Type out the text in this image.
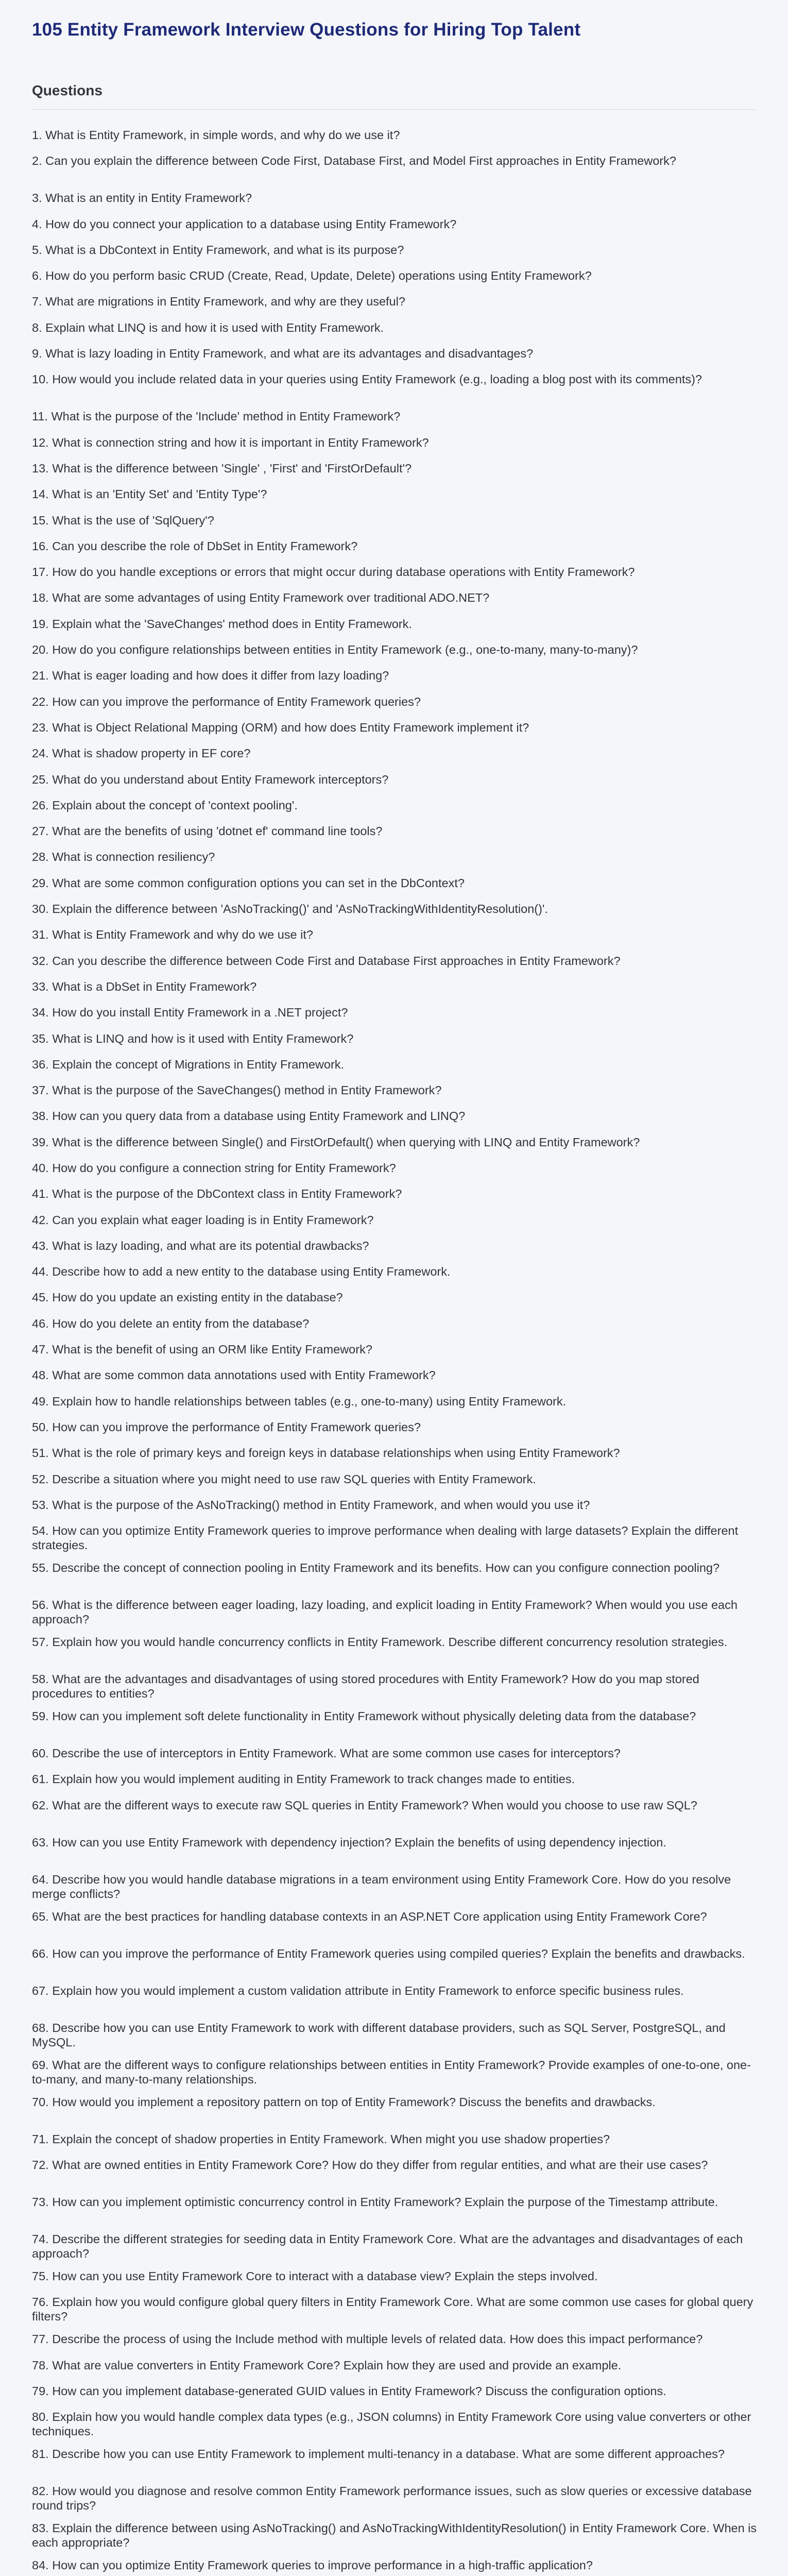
105 Entity Framework Interview Questions for Hiring Top Talent
Questions
1. What is Entity Framework, in simple words, and why do we use it?
2. Can you explain the difference between Code First, Database First, and Model First approaches in Entity Framework?
3. What is an entity in Entity Framework?
4. How do you connect your application to a database using Entity Framework?
5. What is a DbContext in Entity Framework, and what is its purpose?
6. How do you perform basic CRUD (Create, Read, Update, Delete) operations using Entity Framework?
7. What are migrations in Entity Framework, and why are they useful?
8. Explain what LINQ is and how it is used with Entity Framework.
9. What is lazy loading in Entity Framework, and what are its advantages and disadvantages?
10. How would you include related data in your queries using Entity Framework (e.g., loading a blog post with its comments)?
11. What is the purpose of the 'Include' method in Entity Framework?
12. What is connection string and how it is important in Entity Framework?
13. What is the difference between 'Single' , 'First' and 'FirstOrDefault'?
14. What is an 'Entity Set' and 'Entity Type'?
15. What is the use of 'SqlQuery'?
16. Can you describe the role of DbSet in Entity Framework?
17. How do you handle exceptions or errors that might occur during database operations with Entity Framework?
18. What are some advantages of using Entity Framework over traditional ADO.NET?
19. Explain what the 'SaveChanges' method does in Entity Framework.
20. How do you configure relationships between entities in Entity Framework (e.g., one-to-many, many-to-many)?
21. What is eager loading and how does it differ from lazy loading?
22. How can you improve the performance of Entity Framework queries?
23. What is Object Relational Mapping (ORM) and how does Entity Framework implement it?
24. What is shadow property in EF core?
25. What do you understand about Entity Framework interceptors?
26. Explain about the concept of 'context pooling'.
27. What are the benefits of using 'dotnet ef' command line tools?
28. What is connection resiliency?
29. What are some common configuration options you can set in the DbContext?
30. Explain the difference between 'AsNoTracking()' and 'AsNoTrackingWithIdentityResolution()'.
31. What is Entity Framework and why do we use it?
32. Can you describe the difference between Code First and Database First approaches in Entity Framework?
33. What is a DbSet in Entity Framework?
34. How do you install Entity Framework in a .NET project?
35. What is LINQ and how is it used with Entity Framework?
36. Explain the concept of Migrations in Entity Framework.
37. What is the purpose of the SaveChanges() method in Entity Framework?
38. How can you query data from a database using Entity Framework and LINQ?
39. What is the difference between Single() and FirstOrDefault() when querying with LINQ and Entity Framework?
40. How do you configure a connection string for Entity Framework?
41. What is the purpose of the DbContext class in Entity Framework?
42. Can you explain what eager loading is in Entity Framework?
43. What is lazy loading, and what are its potential drawbacks?
44. Describe how to add a new entity to the database using Entity Framework.
45. How do you update an existing entity in the database?
46. How do you delete an entity from the database?
47. What is the benefit of using an ORM like Entity Framework?
48. What are some common data annotations used with Entity Framework?
49. Explain how to handle relationships between tables (e.g., one-to-many) using Entity Framework.
50. How can you improve the performance of Entity Framework queries?
51. What is the role of primary keys and foreign keys in database relationships when using Entity Framework?
52. Describe a situation where you might need to use raw SQL queries with Entity Framework.
53. What is the purpose of the AsNoTracking() method in Entity Framework, and when would you use it?
54. How can you optimize Entity Framework queries to improve performance when dealing with large datasets? Explain the different strategies.
55. Describe the concept of connection pooling in Entity Framework and its benefits. How can you configure connection pooling?
56. What is the difference between eager loading, lazy loading, and explicit loading in Entity Framework? When would you use each approach?
57. Explain how you would handle concurrency conflicts in Entity Framework. Describe different concurrency resolution strategies.
58. What are the advantages and disadvantages of using stored procedures with Entity Framework? How do you map stored procedures to entities?
59. How can you implement soft delete functionality in Entity Framework without physically deleting data from the database?
60. Describe the use of interceptors in Entity Framework. What are some common use cases for interceptors?
61. Explain how you would implement auditing in Entity Framework to track changes made to entities.
62. What are the different ways to execute raw SQL queries in Entity Framework? When would you choose to use raw SQL?
63. How can you use Entity Framework with dependency injection? Explain the benefits of using dependency injection.
64. Describe how you would handle database migrations in a team environment using Entity Framework Core. How do you resolve merge conflicts?
65. What are the best practices for handling database contexts in an ASP.NET Core application using Entity Framework Core?
66. How can you improve the performance of Entity Framework queries using compiled queries? Explain the benefits and drawbacks.
67. Explain how you would implement a custom validation attribute in Entity Framework to enforce specific business rules.
68. Describe how you can use Entity Framework to work with different database providers, such as SQL Server, PostgreSQL, and MySQL.
69. What are the different ways to configure relationships between entities in Entity Framework? Provide examples of one-to-one, one-to-many, and many-to-many relationships.
70. How would you implement a repository pattern on top of Entity Framework? Discuss the benefits and drawbacks.
71. Explain the concept of shadow properties in Entity Framework. When might you use shadow properties?
72. What are owned entities in Entity Framework Core? How do they differ from regular entities, and what are their use cases?
73. How can you implement optimistic concurrency control in Entity Framework? Explain the purpose of the Timestamp attribute.
74. Describe the different strategies for seeding data in Entity Framework Core. What are the advantages and disadvantages of each approach?
75. How can you use Entity Framework Core to interact with a database view? Explain the steps involved.
76. Explain how you would configure global query filters in Entity Framework Core. What are some common use cases for global query filters?
77. Describe the process of using the Include method with multiple levels of related data. How does this impact performance?
78. What are value converters in Entity Framework Core? Explain how they are used and provide an example.
79. How can you implement database-generated GUID values in Entity Framework? Discuss the configuration options.
80. Explain how you would handle complex data types (e.g., JSON columns) in Entity Framework Core using value converters or other techniques.
81. Describe how you can use Entity Framework to implement multi-tenancy in a database. What are some different approaches?
82. How would you diagnose and resolve common Entity Framework performance issues, such as slow queries or excessive database round trips?
83. Explain the difference between using AsNoTracking() and AsNoTrackingWithIdentityResolution() in Entity Framework Core. When is each appropriate?
84. How can you optimize Entity Framework queries to improve performance in a high-traffic application?
